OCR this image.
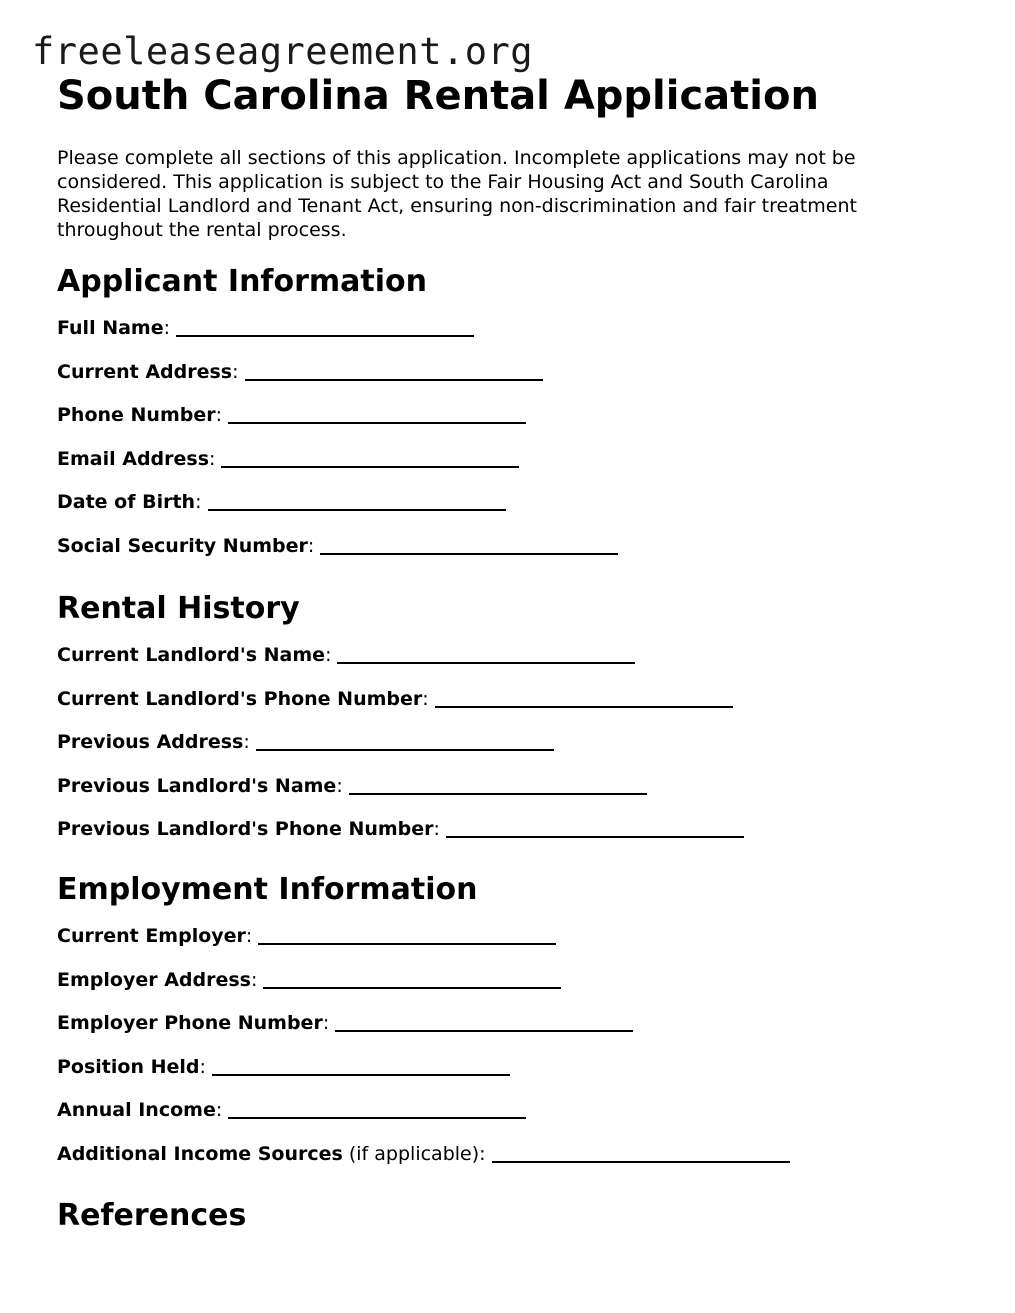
freeleaseagreement.org

South Carolina Rental Application

Please complete all sections of this application. Incomplete applications may not be considered. This application is subject to the Fair Housing Act and South Carolina Residential Landlord and Tenant Act, ensuring non-discrimination and fair treatment throughout the rental process.

Applicant Information
Full Name :
Current Address :
Phone Number :
Email Address :
Date of Birth :
Social Security Number :
Rental History
Current Landlord's Name :
Current Landlord's Phone Number :
Previous Address :
Previous Landlord's Name :
Previous Landlord's Phone Number :
Employment Information
Current Employer :
Employer Address :
Employer Phone Number :
Position Held :
Annual Income :
Additional Income Sources (if applicable) :
References
